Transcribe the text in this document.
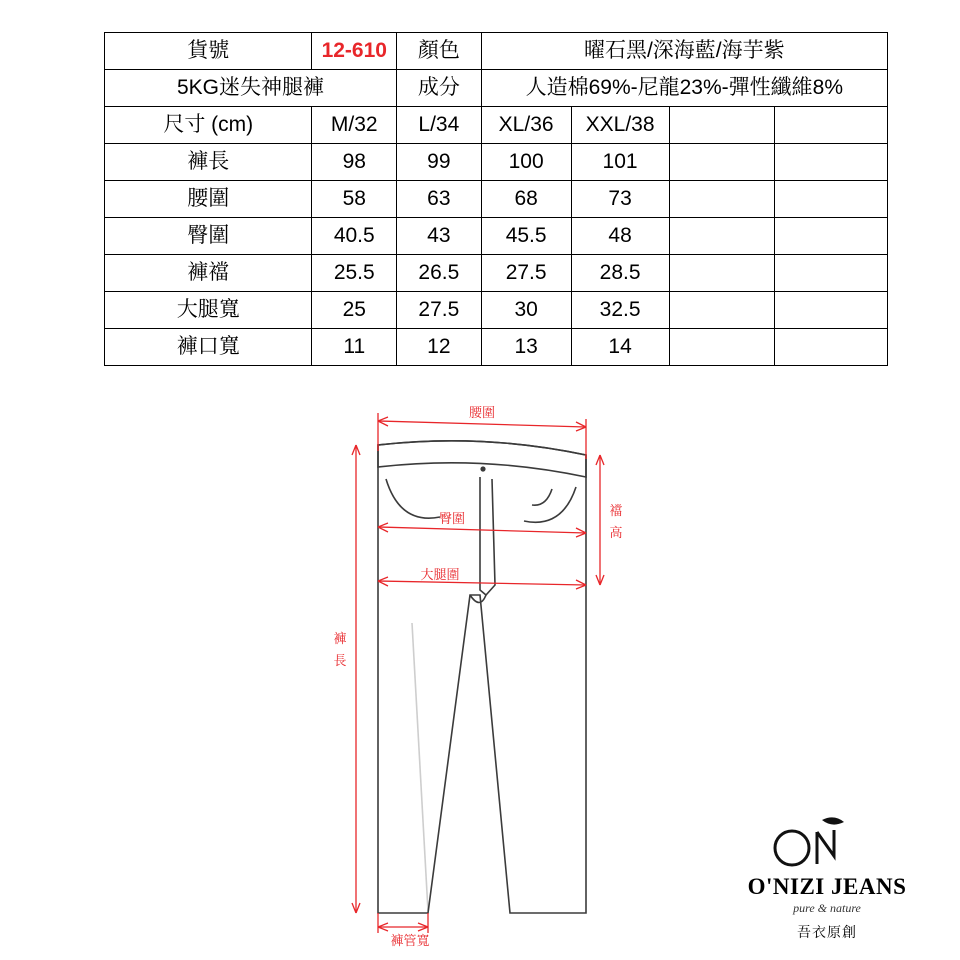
貨號	12-610	顏色	曜石黑/深海藍/海芋紫			
5KG迷失神腿褲		成分	人造棉69%-尼龍23%-彈性纖維8%			
尺寸 (cm)	M/32	L/34	XL/36	XXL/38		
褲長	98	99	100	101		
腰圍	58	63	68	73		
臀圍	40.5	43	45.5	48		
褲襠	25.5	26.5	27.5	28.5		
大腿寬	25	27.5	30	32.5		
褲口寬	11	12	13	14		
腰圍
臀圍
大腿圍
襠
高
褲
長
褲管寬
O'NIZI JEANS
pure & nature
吾衣原創
